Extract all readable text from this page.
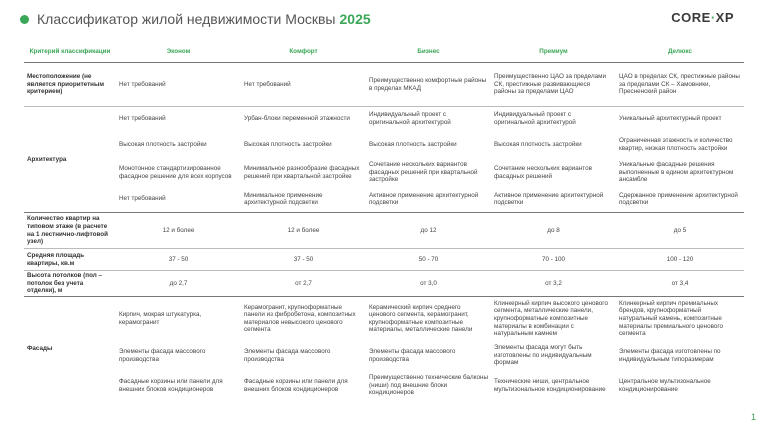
Классификатор жилой недвижимости Москвы 2025	CORE·XP
Критерий классификации	Эконом	Комфорт	Бизнес	Премиум	Делюкс
Местоположение (не является приоритетным критерием)	Нет требований	Нет требований	Преимущественно комфортные районы в пределах МКАД	Преимущественно ЦАО за пределами СК, престижные развивающиеся районы за пределами ЦАО	ЦАО в пределах СК, престижные районы за пределами СК – Хамовники, Пресненский район
Архитектура	Нет требований	Урбан-блоки переменной этажности	Индивидуальный проект с оригинальной архитектурой	Индивидуальный проект с оригинальной архитектурой	Уникальный архитектурный проект
	Высокая плотность застройки	Высокая плотность застройки	Высокая плотность застройки	Высокая плотность застройки	Ограниченная этажность и количество квартир, низкая плотность застройки
	Монотонное стандартизированное фасадное решение для всех корпусов	Минимальное разнообразие фасадных решений при квартальной застройке	Сочетание нескольких вариантов фасадных решений при квартальной застройке	Сочетание нескольких вариантов фасадных решений	Уникальные фасадные решения выполненные в едином архитектурном ансамбле
	Нет требований	Минимальное применение архитектурной подсветки	Активное применение архитектурной подсветки	Активное применение архитектурной подсветки	Сдержанное применение архитектурной подсветки
Количество квартир на типовом этаже (в расчете на 1 лестнично-лифтовой узел)	12 и более	12 и более	до 12	до 8	до 5
Средняя площадь квартиры, кв.м	37 - 50	37 - 50	50 - 70	70 - 100	100 - 120
Высота потолков (пол – потолок без учета отделки), м	до 2,7	от 2,7	от 3,0	от 3,2	от 3,4
Фасады	Кирпич, мокрая штукатурка, керамогранит	Керамогранит, крупноформатные панели из фибробетона, композитных материалов невысокого ценового сегмента	Керамический кирпич среднего ценового сегмента, керамогранит, крупноформатные композитные материалы, металлические панели	Клинкерный кирпич высокого ценового сегмента, металлические панели, крупноформатные композитные материалы в комбинации с натуральным камнем	Клинкерный кирпич премиальных брендов, крупноформатный натуральный камень, композитные материалы премиального ценового сегмента
	Элементы фасада массового производства	Элементы фасада массового производства	Элементы фасада массового производства	Элементы фасада могут быть изготовлены по индивидуальным формам	Элементы фасада изготовлены по индивидуальным типоразмерам
	Фасадные корзины или панели для внешних блоков кондиционеров	Фасадные корзины или панели для внешних блоков кондиционеров	Преимущественно технические балконы (ниши) под внешние блоки кондиционеров	Технические ниши, центральное мультизональное кондиционирование	Центральное мультизональное кондиционирование
1
